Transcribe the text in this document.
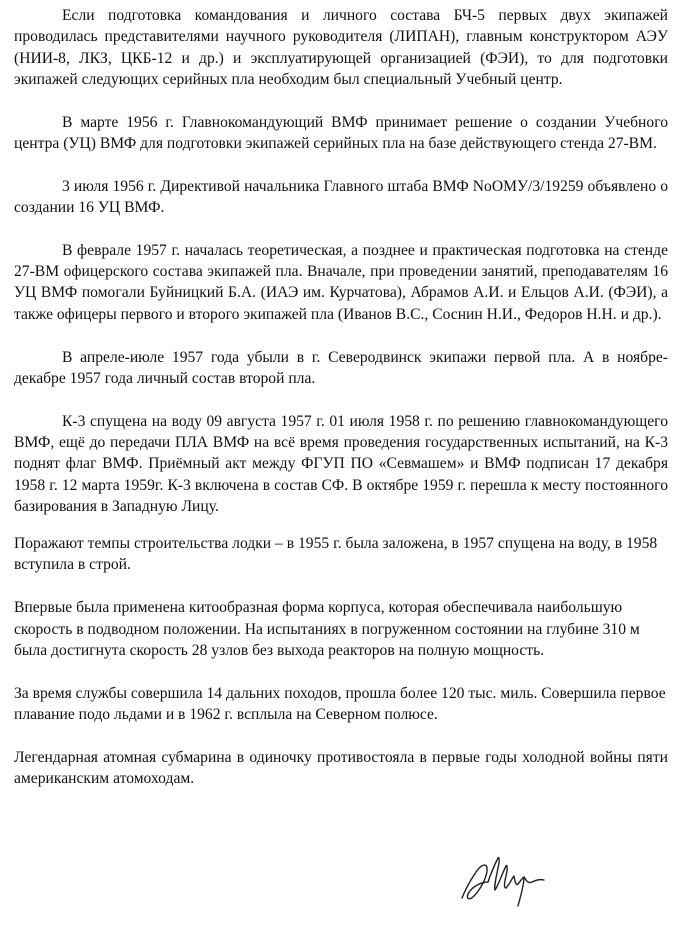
Если подготовка командования и личного состава БЧ-5 первых двух экипажей проводилась представителями научного руководителя (ЛИПАН), главным конструктором АЭУ (НИИ-8, ЛКЗ, ЦКБ-12 и др.) и эксплуатирующей организацией (ФЭИ), то для подготовки экипажей следующих серийных пла необходим был специальный Учебный центр.

В марте 1956 г. Главнокомандующий ВМФ принимает решение о создании Учебного центра (УЦ) ВМФ для подготовки экипажей серийных пла на базе действующего стенда 27-ВМ.

3 июля 1956 г. Директивой начальника Главного штаба ВМФ NoОМУ/3/19259 объявлено о создании 16 УЦ ВМФ.

В феврале 1957 г. началась теоретическая, а позднее и практическая подготовка на стенде 27-ВМ офицерского состава экипажей пла. Вначале, при проведении занятий, преподавателям 16 УЦ ВМФ помогали Буйницкий Б.А. (ИАЭ им. Курчатова), Абрамов А.И. и Ельцов А.И. (ФЭИ), а также офицеры первого и второго экипажей пла (Иванов В.С., Соснин Н.И., Федоров Н.Н. и др.).

В апреле-июле 1957 года убыли в г. Северодвинск экипажи первой пла. А в ноябре-декабре 1957 года личный состав второй пла.

К-3 спущена на воду 09 августа 1957 г. 01 июля 1958 г. по решению главнокомандующего ВМФ, ещё до передачи ПЛА ВМФ на всё время проведения государственных испытаний, на К-3 поднят флаг ВМФ. Приёмный акт между ФГУП ПО «Севмашем» и ВМФ подписан 17 декабря 1958 г. 12 марта 1959г. К-3 включена в состав СФ. В октябре 1959 г. перешла к месту постоянного базирования в Западную Лицу.

Поражают темпы строительства лодки – в 1955 г. была заложена, в 1957 спущена на воду, в 1958 вступила в строй.

Впервые была применена китообразная форма корпуса, которая обеспечивала наибольшую скорость в подводном положении. На испытаниях в погруженном состоянии на глубине 310 м была достигнута скорость 28 узлов без выхода реакторов на полную мощность.

За время службы совершила 14 дальних походов, прошла более 120 тыс. миль. Совершила первое плавание подо льдами и в 1962 г. всплыла на Северном полюсе.

Легендарная атомная субмарина в одиночку противостояла в первые годы холодной войны пяти американским атомоходам.
